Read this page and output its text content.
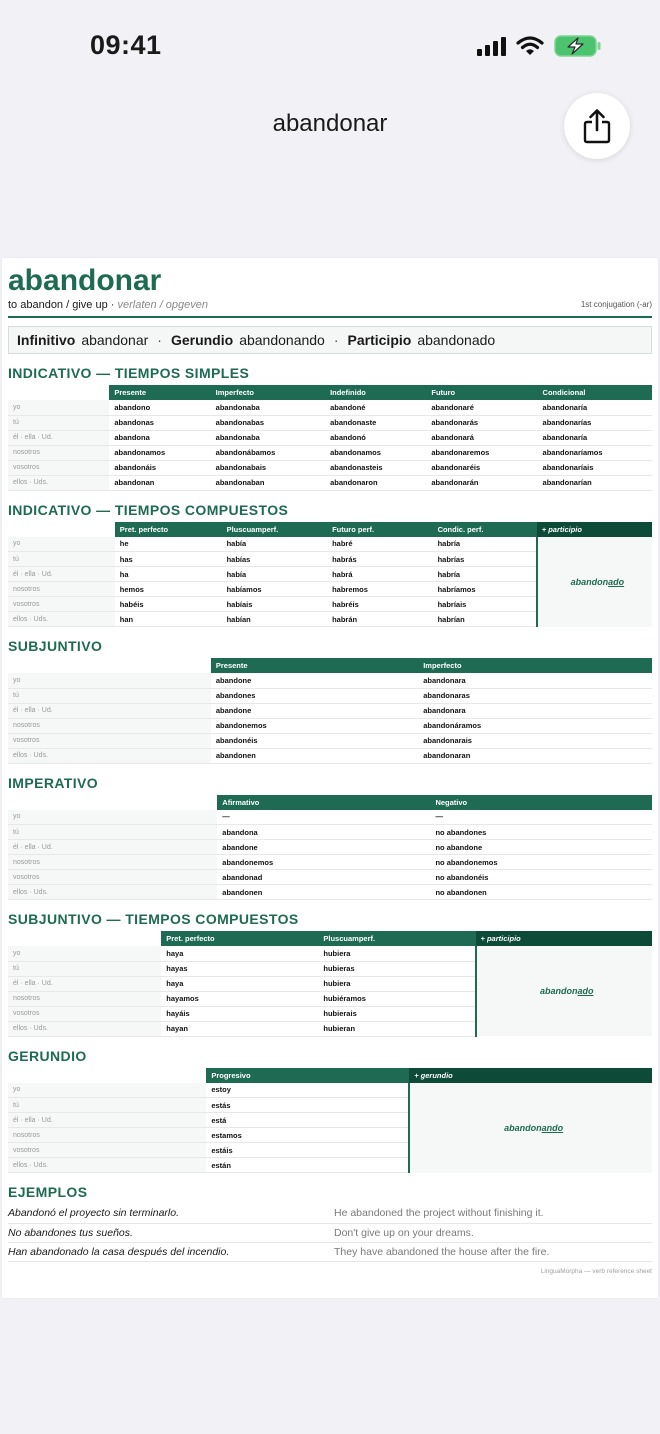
09:41
abandonar
abandonar
to abandon / give up · verlaten / opgeven	1st conjugation (-ar)
Infinitivo abandonar · Gerundio abandonando · Participio abandonado
INDICATIVO — TIEMPOS SIMPLES
	Presente	Imperfecto	Indefinido	Futuro	Condicional
yo	abandono	abandonaba	abandoné	abandonaré	abandonaría
tú	abandonas	abandonabas	abandonaste	abandonarás	abandonarías
él · ella · Ud.	abandona	abandonaba	abandonó	abandonará	abandonaría
nosotros	abandonamos	abandonábamos	abandonamos	abandonaremos	abandonaríamos
vosotros	abandonáis	abandonabais	abandonasteis	abandonaréis	abandonaríais
ellos · Uds.	abandonan	abandonaban	abandonaron	abandonarán	abandonarían
INDICATIVO — TIEMPOS COMPUESTOS
	Pret. perfecto	Pluscuamperf.	Futuro perf.	Condic. perf.	+ participio
yo	he	había	habré	habría	abandonado
tú	has	habías	habrás	habrías	
él · ella · Ud.	ha	había	habrá	habría	
nosotros	hemos	habíamos	habremos	habríamos	
vosotros	habéis	habíais	habréis	habríais	
ellos · Uds.	han	habían	habrán	habrían	
SUBJUNTIVO
	Presente	Imperfecto
yo	abandone	abandonara
tú	abandones	abandonaras
él · ella · Ud.	abandone	abandonara
nosotros	abandonemos	abandonáramos
vosotros	abandonéis	abandonarais
ellos · Uds.	abandonen	abandonaran
IMPERATIVO
	Afirmativo	Negativo
yo	—	—
tú	abandona	no abandones
él · ella · Ud.	abandone	no abandone
nosotros	abandonemos	no abandonemos
vosotros	abandonad	no abandonéis
ellos · Uds.	abandonen	no abandonen
SUBJUNTIVO — TIEMPOS COMPUESTOS
	Pret. perfecto	Pluscuamperf.	+ participio
yo	haya	hubiera	abandonado
tú	hayas	hubieras	
él · ella · Ud.	haya	hubiera	
nosotros	hayamos	hubiéramos	
vosotros	hayáis	hubierais	
ellos · Uds.	hayan	hubieran	
GERUNDIO
	Progresivo	+ gerundio
yo	estoy	abandonando
tú	estás	
él · ella · Ud.	está	
nosotros	estamos	
vosotros	estáis	
ellos · Uds.	están	
EJEMPLOS
Abandonó el proyecto sin terminarlo.	He abandoned the project without finishing it.
No abandones tus sueños.	Don't give up on your dreams.
Han abandonado la casa después del incendio.	They have abandoned the house after the fire.
LinguaMorpha — verb reference sheet
